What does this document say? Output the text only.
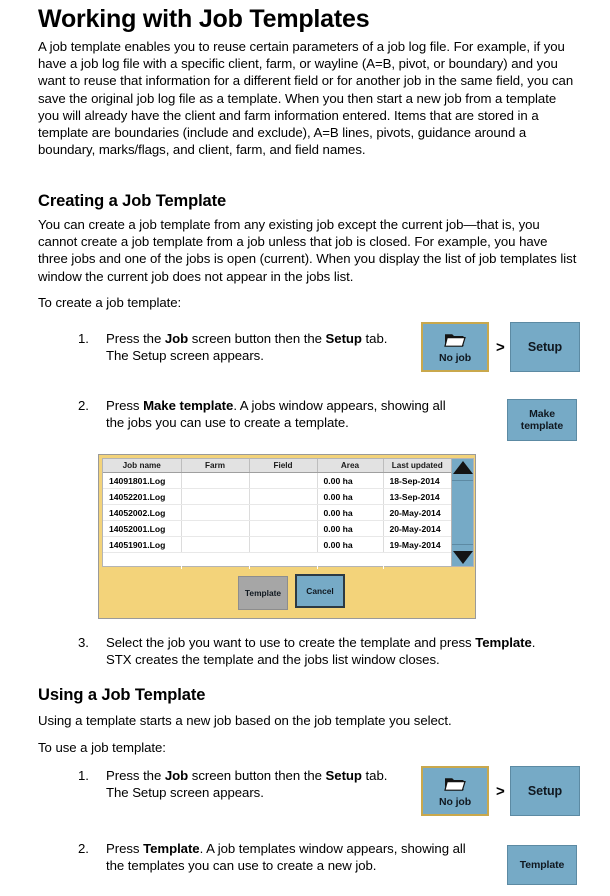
Working with Job Templates
A job template enables you to reuse certain parameters of a job log file. For example, if you have a job log file with a specific client, farm, or wayline (A=B, pivot, or boundary) and you want to reuse that information for a different field or for another job in the same field, you can save the original job log file as a template. When you then start a new job from a template you will already have the client and farm information entered. Items that are stored in a template are boundaries (include and exclude), A=B lines, pivots, guidance around a boundary, marks/flags, and client, farm, and field names.
Creating a Job Template
You can create a job template from any existing job except the current job—that is, you cannot create a job template from a job unless that job is closed. For example, you have three jobs and one of the jobs is open (current). When you display the list of job templates list window the current job does not appear in the jobs list.
To create a job template:
1.	Press the Job screen button then the Setup tab.
The Setup screen appears.	No job
> Setup
2.	Press Make template. A jobs window appears, showing all
the jobs you can use to create a template.
Make
template
Job name	Farm	Field	Area	Last updated
14091801.Log			0.00 ha	18-Sep-2014
14052201.Log			0.00 ha	13-Sep-2014
14052002.Log			0.00 ha	20-May-2014
14052001.Log			0.00 ha	20-May-2014
14051901.Log			0.00 ha	19-May-2014

Template	Cancel
3.	Select the job you want to use to create the template and press Template.
STX creates the template and the jobs list window closes.
Using a Job Template
Using a template starts a new job based on the job template you select.
To use a job template:
1.	Press the Job screen button then the Setup tab.
The Setup screen appears.
No job
> Setup
2.	Press Template. A job templates window appears, showing all
the templates you can use to create a new job.	Template
